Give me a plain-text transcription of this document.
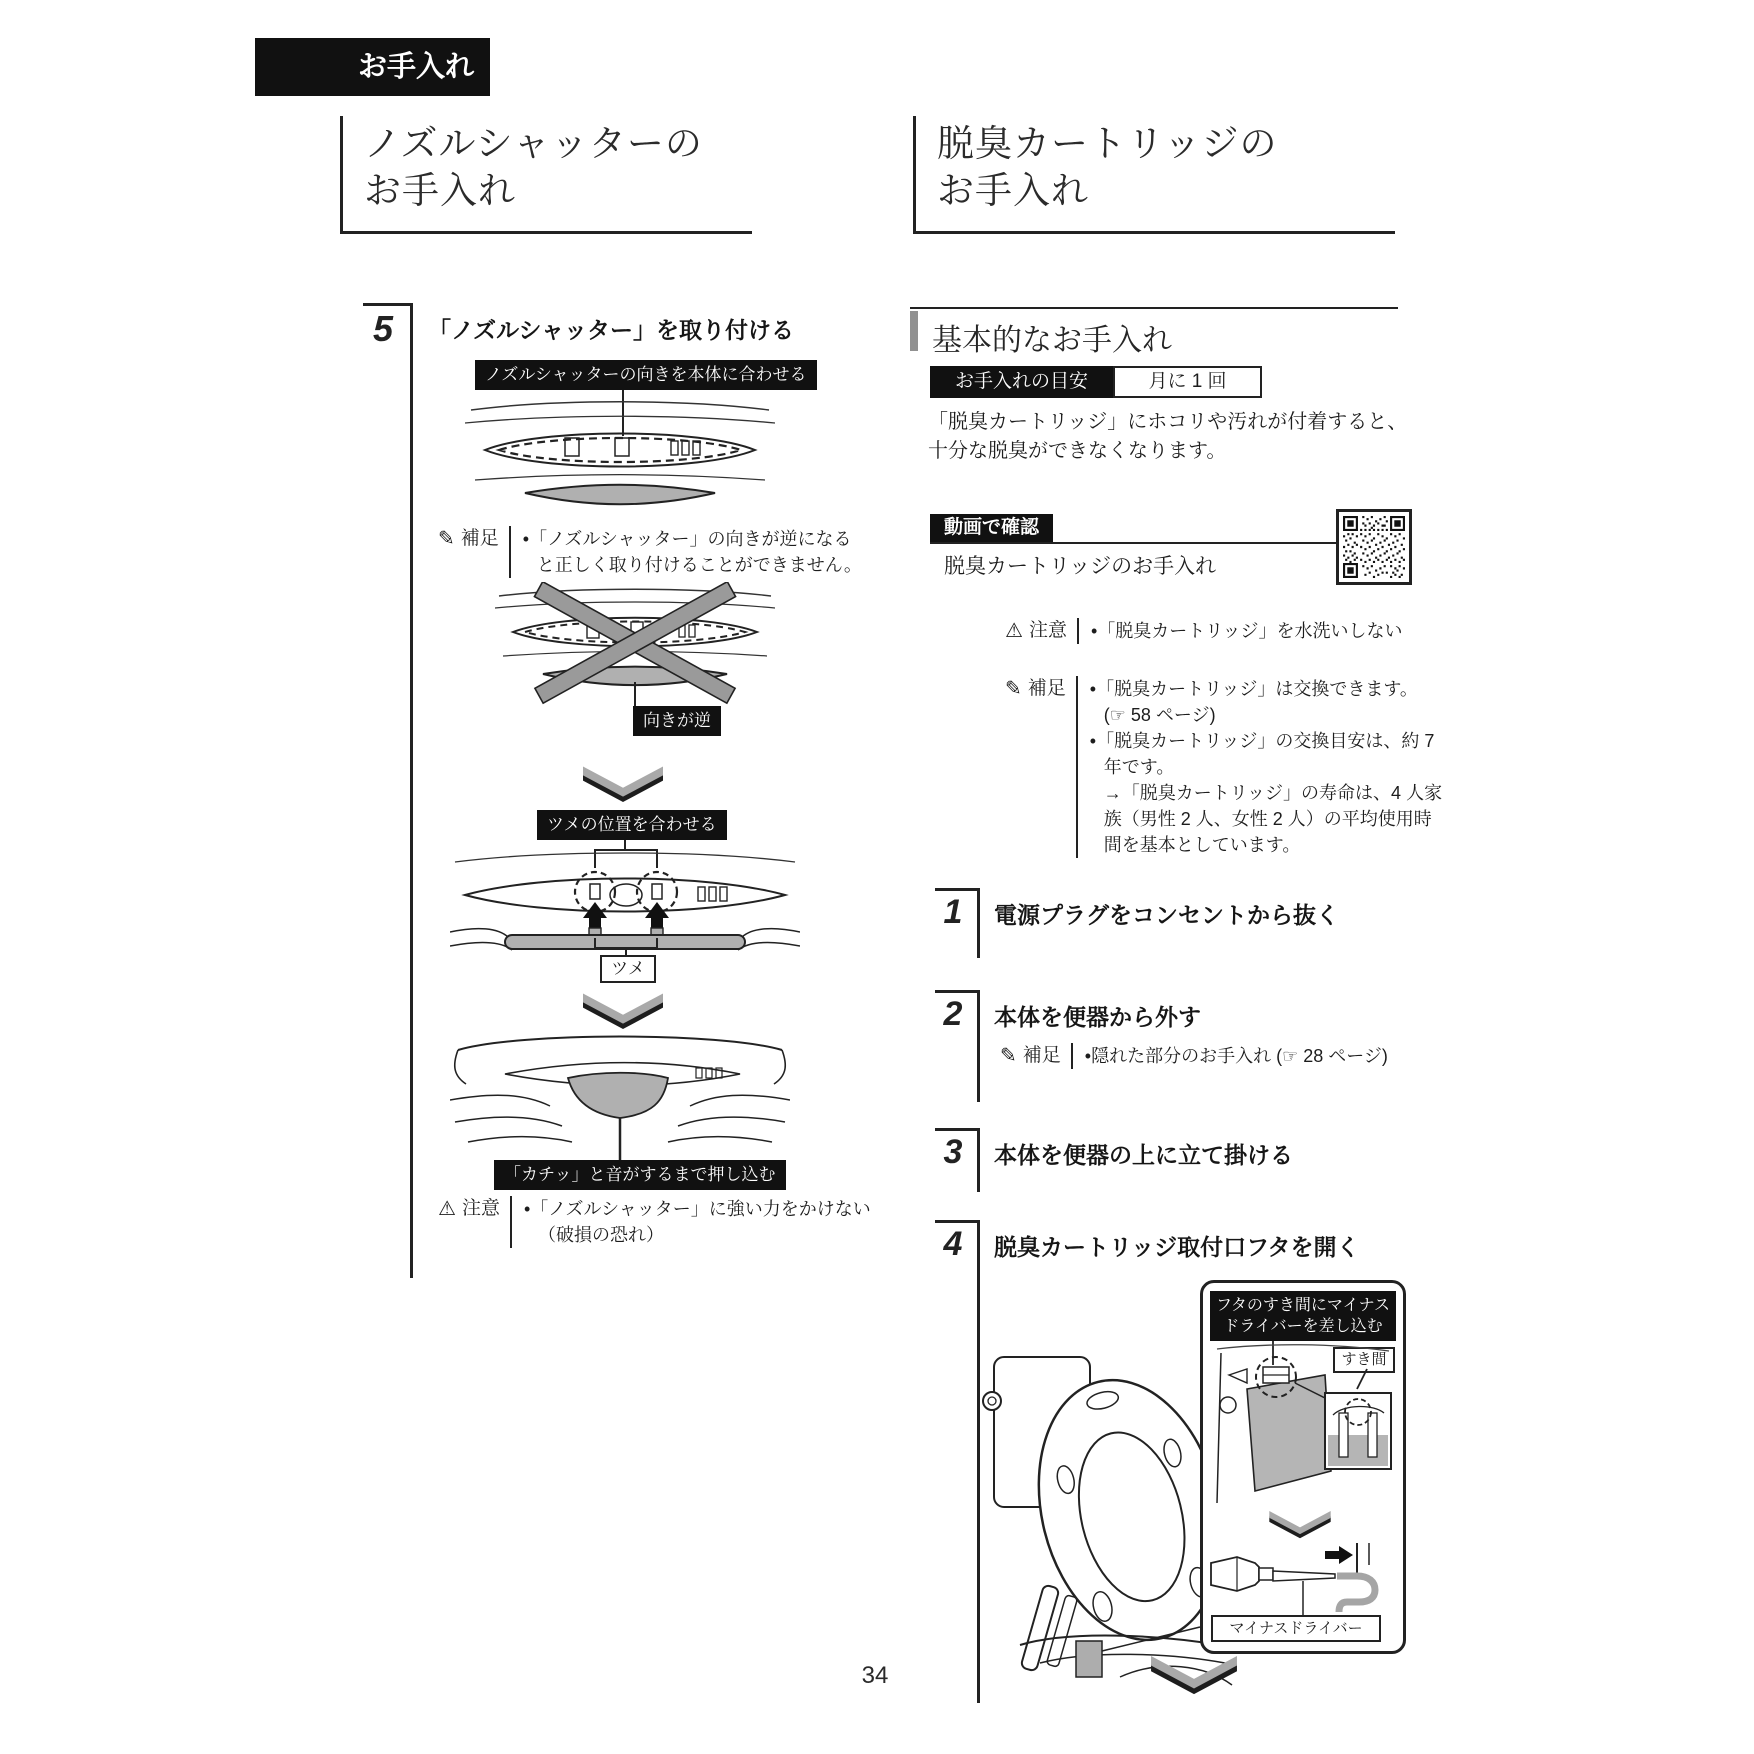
お手入れ
ノズルシャッターの
お手入れ
5	「ノズルシャッター」を取り付ける
ノズルシャッターの向きを本体に合わせる
✎ 補足 •「ノズルシャッター」の向きが逆になる
と正しく取り付けることができません。
向きが逆
ツメの位置を合わせる
ツメ
「カチッ」と音がするまで押し込む
⚠ 注意 •「ノズルシャッター」に強い力をかけない
（破損の恐れ）
脱臭カートリッジの
お手入れ
基本的なお手入れ
お手入れの目安	月に 1 回
「脱臭カートリッジ」にホコリや汚れが付着すると、
十分な脱臭ができなくなります。
動画で確認
脱臭カートリッジのお手入れ
⚠ 注意 •「脱臭カートリッジ」を水洗いしない
✎ 補足 •「脱臭カートリッジ」は交換できます。
(☞ 58 ページ)
•「脱臭カートリッジ」の交換目安は、約 7
年です。
→「脱臭カートリッジ」の寿命は、4 人家
族（男性 2 人、女性 2 人）の平均使用時
間を基本としています。
1	電源プラグをコンセントから抜く
2	本体を便器から外す
✎ 補足 •隠れた部分のお手入れ (☞ 28 ページ)
3	本体を便器の上に立て掛ける
4	脱臭カートリッジ取付口フタを開く
フタのすき間にマイナス
ドライバーを差し込む
すき間
マイナスドライバー
34
